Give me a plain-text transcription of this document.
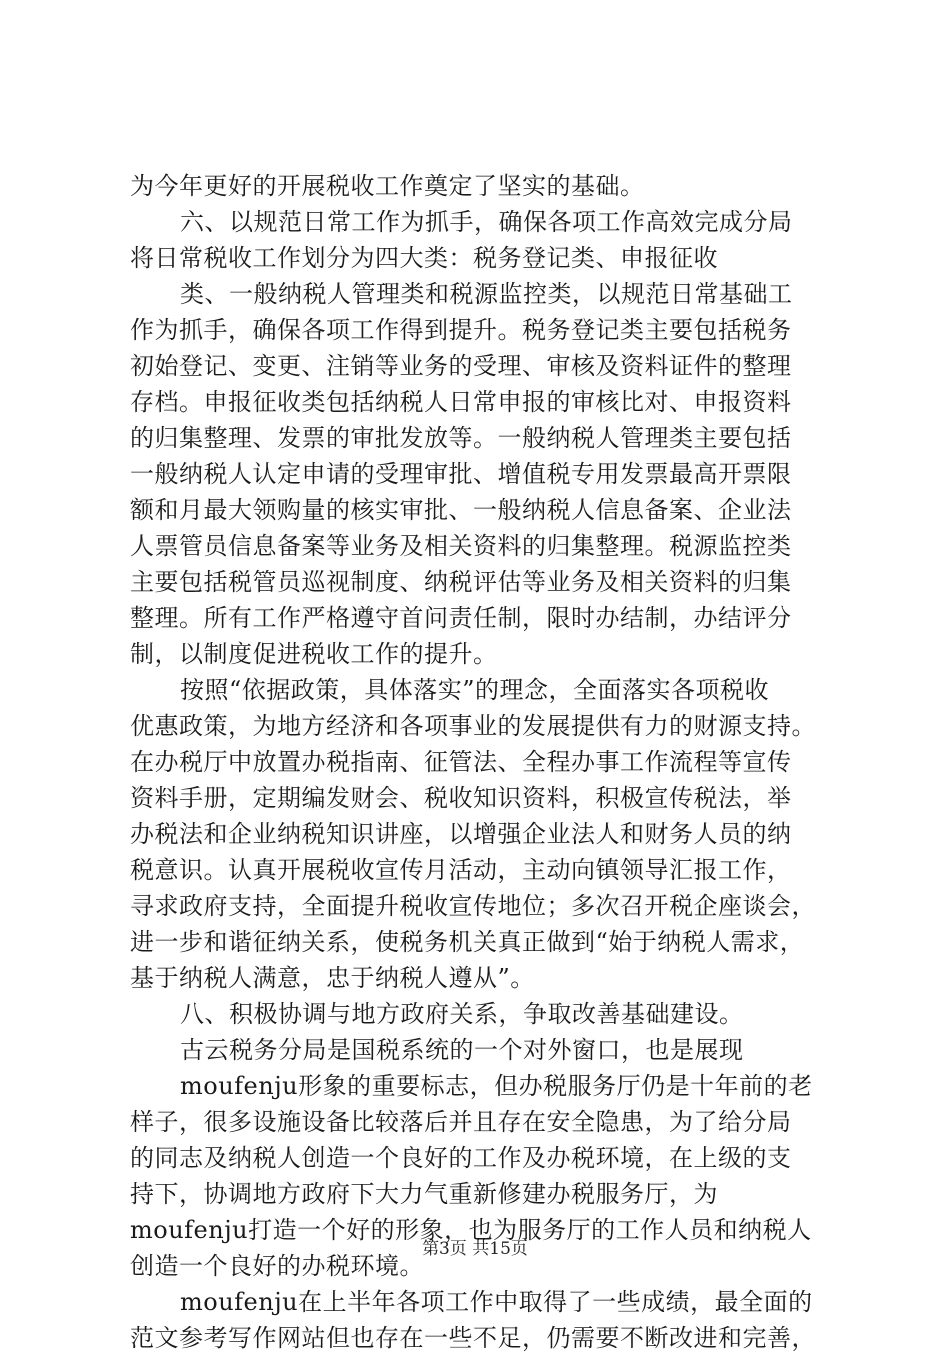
为今年更好的开展税收工作奠定了坚实的基础。
六、以规范日常工作为抓手，确保各项工作高效完成分局
将日常税收工作划分为四大类：税务登记类、申报征收
类、一般纳税人管理类和税源监控类，以规范日常基础工
作为抓手，确保各项工作得到提升。税务登记类主要包括税务
初始登记、变更、注销等业务的受理、审核及资料证件的整理
存档。申报征收类包括纳税人日常申报的审核比对、申报资料
的归集整理、发票的审批发放等。一般纳税人管理类主要包括
一般纳税人认定申请的受理审批、增值税专用发票最高开票限
额和月最大领购量的核实审批、一般纳税人信息备案、企业法
人票管员信息备案等业务及相关资料的归集整理。税源监控类
主要包括税管员巡视制度、纳税评估等业务及相关资料的归集
整理。所有工作严格遵守首问责任制，限时办结制，办结评分
制，以制度促进税收工作的提升。
按照“依据政策，具体落实”的理念，全面落实各项税收
优惠政策，为地方经济和各项事业的发展提供有力的财源支持。
在办税厅中放置办税指南、征管法、全程办事工作流程等宣传
资料手册，定期编发财会、税收知识资料，积极宣传税法，举
办税法和企业纳税知识讲座，以增强企业法人和财务人员的纳
税意识。认真开展税收宣传月活动，主动向镇领导汇报工作，
寻求政府支持，全面提升税收宣传地位；多次召开税企座谈会，
进一步和谐征纳关系，使税务机关真正做到“始于纳税人需求，
基于纳税人满意，忠于纳税人遵从”。
八、积极协调与地方政府关系，争取改善基础建设。
古云税务分局是国税系统的一个对外窗口，也是展现
moufenju形象的重要标志，但办税服务厅仍是十年前的老
样子，很多设施设备比较落后并且存在安全隐患，为了给分局
的同志及纳税人创造一个良好的工作及办税环境，在上级的支
持下，协调地方政府下大力气重新修建办税服务厅，为
moufenju打造一个好的形象，也为服务厅的工作人员和纳税人
创造一个良好的办税环境。
moufenju在上半年各项工作中取得了一些成绩，最全面的
范文参考写作网站但也存在一些不足，仍需要不断改进和完善，
第3页 共15页
